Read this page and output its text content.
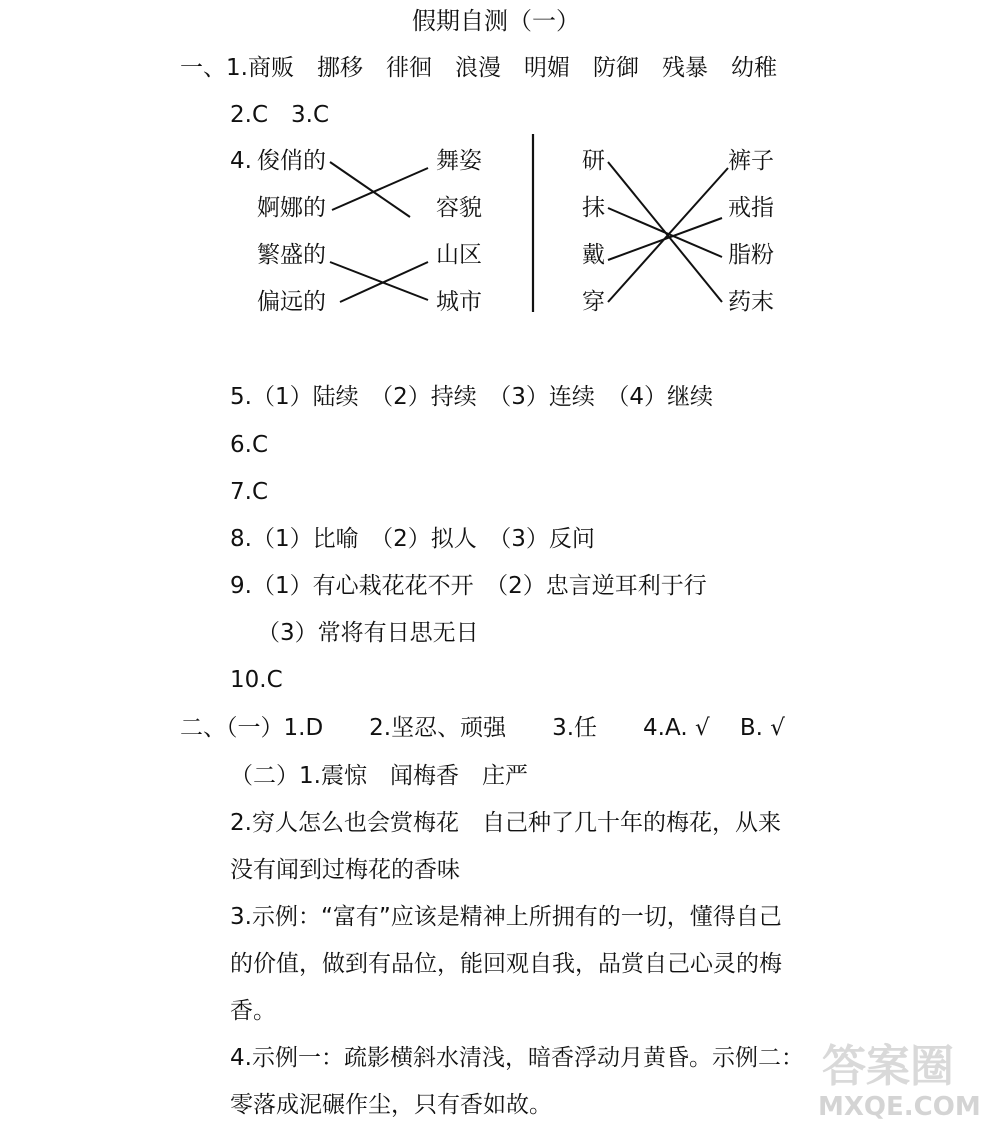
假期自测（一）
一、1.商贩　挪移　徘徊　浪漫　明媚　防御　残暴　幼稚
2.C　3.C
4. 俊俏的
婀娜的
繁盛的
偏远的
舞姿
容貌
山区
城市
研
抹
戴
穿
裤子
戒指
脂粉
药末
5.（1）陆续　（2）持续　（3）连续　（4）继续
6.C
7.C
8.（1）比喻　（2）拟人　（3）反问
9.（1）有心栽花花不开　（2）忠言逆耳利于行
（3）常将有日思无日
10.C
二、（一）1.D　　2.坚忍、顽强　　3.任　　4.A. √　 B. √
（二）1.震惊　闻梅香　庄严
2.穷人怎么也会赏梅花　自己种了几十年的梅花，从来
没有闻到过梅花的香味
3.示例：“富有”应该是精神上所拥有的一切，懂得自己
的价值，做到有品位，能回观自我，品赏自己心灵的梅
香。
4.示例一：疏影横斜水清浅，暗香浮动月黄昏。示例二：
零落成泥碾作尘，只有香如故。
答案圈
MXQE.COM
